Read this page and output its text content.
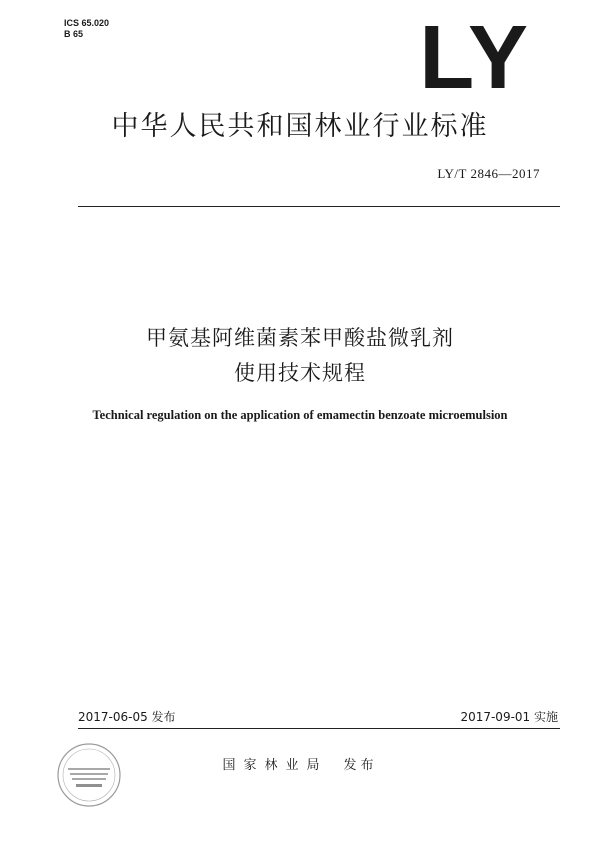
ICS 65.020
B 65	LY
中华人民共和国林业行业标准
LY/T 2846—2017
甲氨基阿维菌素苯甲酸盐微乳剂
使用技术规程
Technical regulation on the application of emamectin benzoate microemulsion
2017-06-05 发布	2017-09-01 实施
国家林业局 发布
